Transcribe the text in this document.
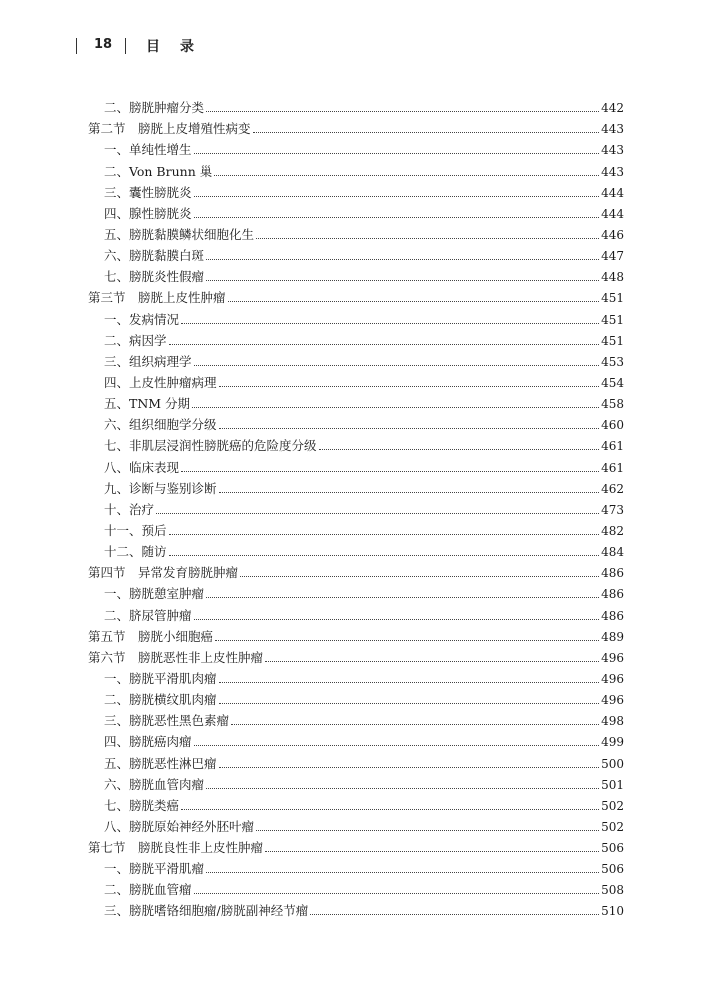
18 目录
二、膀胱肿瘤分类	442
第二节　膀胱上皮增殖性病变	443
一、单纯性增生	443
二、Von Brunn 巢	443
三、囊性膀胱炎	444
四、腺性膀胱炎	444
五、膀胱黏膜鳞状细胞化生	446
六、膀胱黏膜白斑	447
七、膀胱炎性假瘤	448
第三节　膀胱上皮性肿瘤	451
一、发病情况	451
二、病因学	451
三、组织病理学	453
四、上皮性肿瘤病理	454
五、TNM 分期	458
六、组织细胞学分级	460
七、非肌层浸润性膀胱癌的危险度分级	461
八、临床表现	461
九、诊断与鉴别诊断	462
十、治疗	473
十一、预后	482
十二、随访	484
第四节　异常发育膀胱肿瘤	486
一、膀胱憩室肿瘤	486
二、脐尿管肿瘤	486
第五节　膀胱小细胞癌	489
第六节　膀胱恶性非上皮性肿瘤	496
一、膀胱平滑肌肉瘤	496
二、膀胱横纹肌肉瘤	496
三、膀胱恶性黑色素瘤	498
四、膀胱癌肉瘤	499
五、膀胱恶性淋巴瘤	500
六、膀胱血管肉瘤	501
七、膀胱类癌	502
八、膀胱原始神经外胚叶瘤	502
第七节　膀胱良性非上皮性肿瘤	506
一、膀胱平滑肌瘤	506
二、膀胱血管瘤	508
三、膀胱嗜铬细胞瘤/膀胱副神经节瘤	510
